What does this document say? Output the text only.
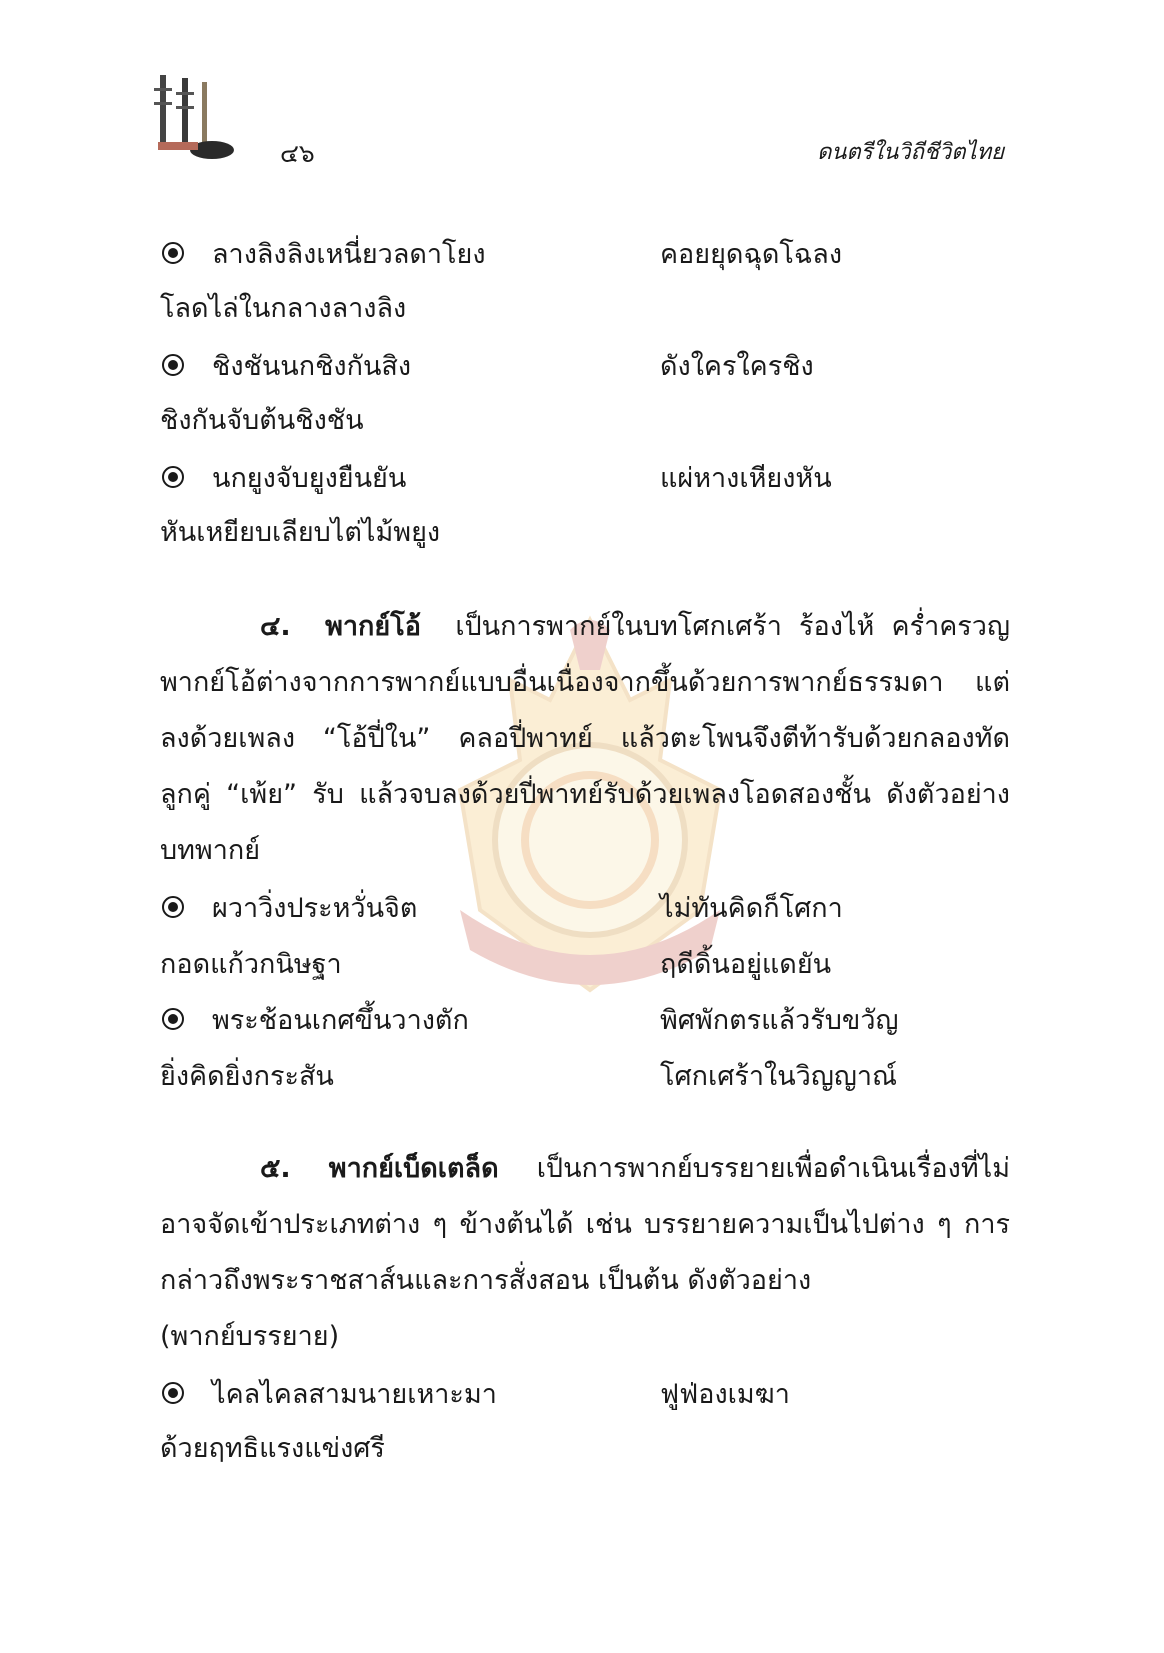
๔๖	ดนตรีในวิถีชีวิตไทย
ลางลิงลิงเหนี่ยวลดาโยง	คอยยุดฉุดโฉลง
โลดไล่ในกลางลางลิง
ชิงชันนกชิงกันสิง	ดังใครใครชิง
ชิงกันจับต้นชิงชัน
นกยูงจับยูงยืนยัน	แผ่หางเหียงหัน
หันเหยียบเลียบไต่ไม้พยูง
๔. พากย์โอ้ เป็นการพากย์ในบทโศกเศร้า ร้องไห้ คร่ำครวญ พากย์โอ้ต่างจากการพากย์แบบอื่นเนื่องจากขึ้นด้วยการพากย์ธรรมดา แต่ลงด้วยเพลง “โอ้ปี่ใน” คลอปี่พาทย์ แล้วตะโพนจึงตีท้ารับด้วยกลองทัด ลูกคู่ “เพ้ย” รับ แล้วจบลงด้วยปี่พาทย์รับด้วยเพลงโอดสองชั้น ดังตัวอย่างบทพากย์
ผวาวิ่งประหวั่นจิต	ไม่ทันคิดก็โศกา
กอดแก้วกนิษฐา	ฤดีดิ้นอยู่แดยัน
พระช้อนเกศขึ้นวางตัก	พิศพักตรแล้วรับขวัญ
ยิ่งคิดยิ่งกระสัน	โศกเศร้าในวิญญาณ์
๕. พากย์เบ็ดเตล็ด เป็นการพากย์บรรยายเพื่อดำเนินเรื่องที่ไม่อาจจัดเข้าประเภทต่าง ๆ ข้างต้นได้ เช่น บรรยายความเป็นไปต่าง ๆ การกล่าวถึงพระราชสาส์นและการสั่งสอน เป็นต้น ดังตัวอย่าง
(พากย์บรรยาย)
ไคลไคลสามนายเหาะมา	ฟูฟ่องเมฆา
ด้วยฤทธิแรงแข่งศรี
